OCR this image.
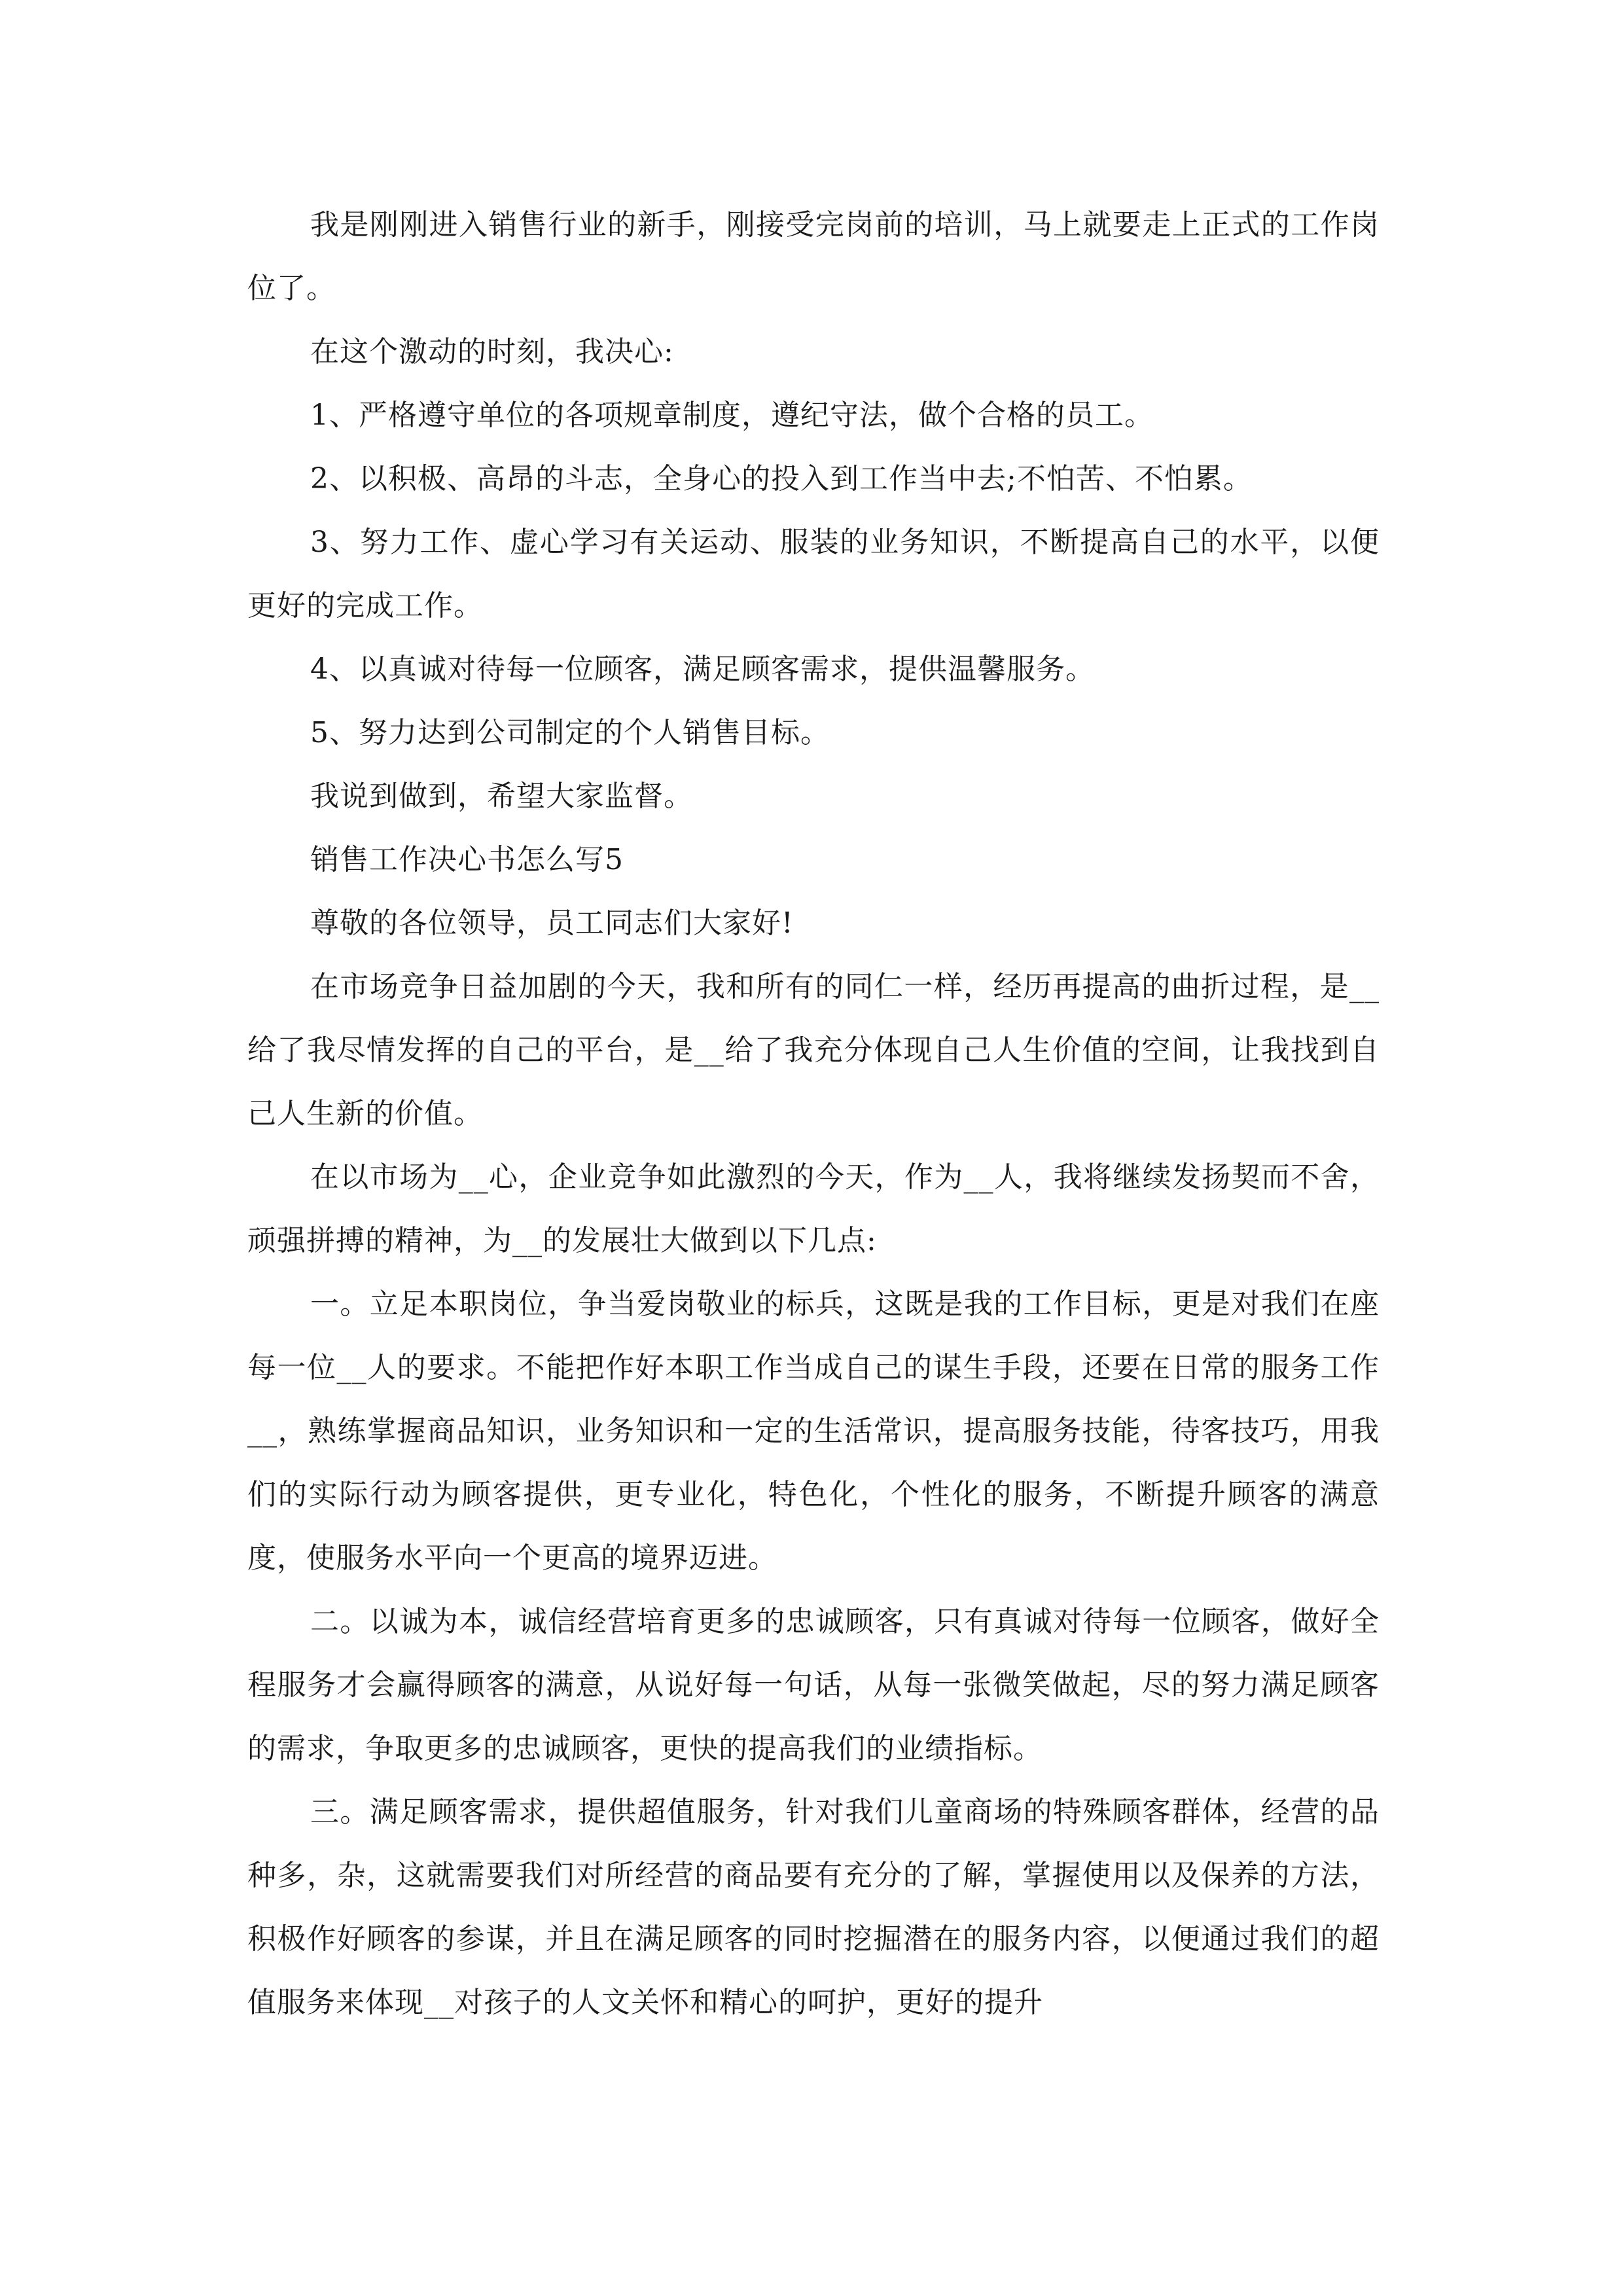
我是刚刚进入销售行业的新手，刚接受完岗前的培训，马上就要走上正式的工作岗位了。

在这个激动的时刻，我决心:

1、严格遵守单位的各项规章制度，遵纪守法，做个合格的员工。

2、以积极、高昂的斗志，全身心的投入到工作当中去;不怕苦、不怕累。

3、努力工作、虚心学习有关运动、服装的业务知识，不断提高自己的水平，以便更好的完成工作。

4、以真诚对待每一位顾客，满足顾客需求，提供温馨服务。

5、努力达到公司制定的个人销售目标。

我说到做到，希望大家监督。

销售工作决心书怎么写5

尊敬的各位领导，员工同志们大家好!

在市场竞争日益加剧的今天，我和所有的同仁一样，经历再提高的曲折过程，是__给了我尽情发挥的自己的平台，是__给了我充分体现自己人生价值的空间，让我找到自己人生新的价值。

在以市场为__心，企业竞争如此激烈的今天，作为__人，我将继续发扬契而不舍，顽强拼搏的精神，为__的发展壮大做到以下几点:

一。立足本职岗位，争当爱岗敬业的标兵，这既是我的工作目标，更是对我们在座每一位__人的要求。不能把作好本职工作当成自己的谋生手段，还要在日常的服务工作__，熟练掌握商品知识，业务知识和一定的生活常识，提高服务技能，待客技巧，用我们的实际行动为顾客提供，更专业化，特色化，个性化的服务，不断提升顾客的满意度，使服务水平向一个更高的境界迈进。

二。以诚为本，诚信经营培育更多的忠诚顾客，只有真诚对待每一位顾客，做好全程服务才会赢得顾客的满意，从说好每一句话，从每一张微笑做起，尽的努力满足顾客的需求，争取更多的忠诚顾客，更快的提高我们的业绩指标。

三。满足顾客需求，提供超值服务，针对我们儿童商场的特殊顾客群体，经营的品种多，杂，这就需要我们对所经营的商品要有充分的了解，掌握使用以及保养的方法，积极作好顾客的参谋，并且在满足顾客的同时挖掘潜在的服务内容，以便通过我们的超值服务来体现__对孩子的人文关怀和精心的呵护，更好的提升
